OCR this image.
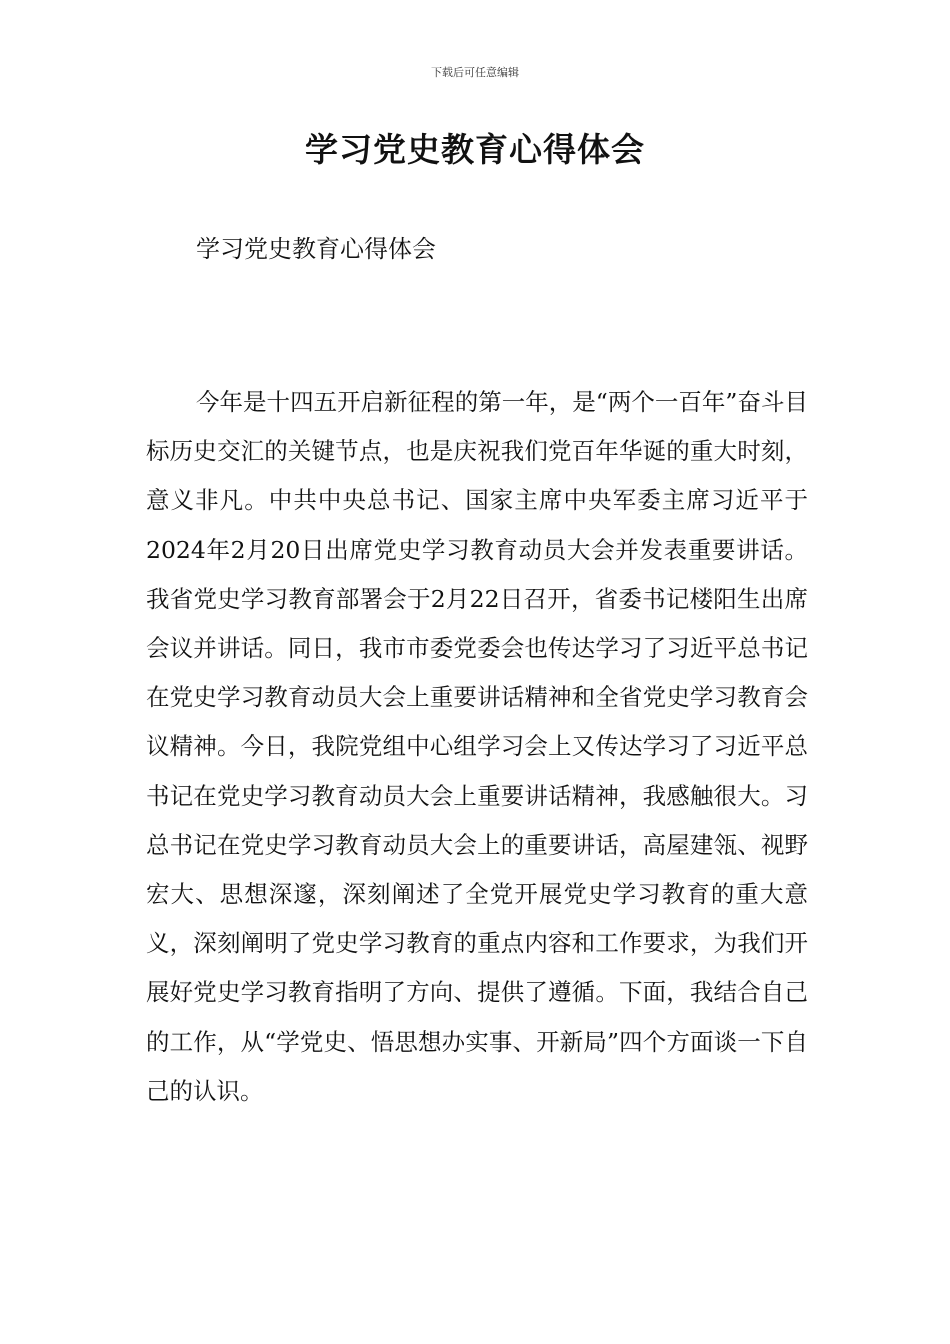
下载后可任意编辑
学习党史教育心得体会
学习党史教育心得体会

今年是十四五开启新征程的第一年，是“两个一百年”奋斗目标历史交汇的关键节点，也是庆祝我们党百年华诞的重大时刻，意义非凡。中共中央总书记、国家主席中央军委主席习近平于2024年2月20日出席党史学习教育动员大会并发表重要讲话。我省党史学习教育部署会于2月22日召开，省委书记楼阳生出席会议并讲话。同日，我市市委党委会也传达学习了习近平总书记在党史学习教育动员大会上重要讲话精神和全省党史学习教育会议精神。今日，我院党组中心组学习会上又传达学习了习近平总书记在党史学习教育动员大会上重要讲话精神，我感触很大。习总书记在党史学习教育动员大会上的重要讲话，高屋建瓴、视野宏大、思想深邃，深刻阐述了全党开展党史学习教育的重大意义，深刻阐明了党史学习教育的重点内容和工作要求，为我们开展好党史学习教育指明了方向、提供了遵循。下面，我结合自己的工作，从“学党史、悟思想办实事、开新局”四个方面谈一下自己的认识。
